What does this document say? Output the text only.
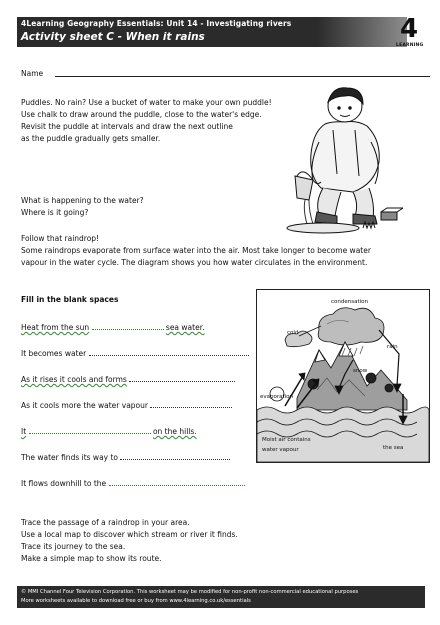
4Learning Geography Essentials: Unit 14 - Investigating rivers
Activity sheet C - When it rains	4
LEARNING
Name
Puddles. No rain? Use a bucket of water to make your own puddle!
Use chalk to draw around the puddle, close to the water's edge.
Revisit the puddle at intervals and draw the next outline
as the puddle gradually gets smaller.
What is happening to the water?
Where is it going?
Follow that raindrop!
Some raindrops evaporate from surface water into the air. Most take longer to become water
vapour in the water cycle. The diagram shows you how water circulates in the environment.
Fill in the blank spaces
Heat from the sun	sea water.
It becomes water
As it rises it cools and forms
As it cools more the water vapour
It	on the hills.
The water finds its way to
It flows downhill to the
condensation
cold
rain
snow
evaporation
Moist air contains
water vapour	the sea
Trace the passage of a raindrop in your area.
Use a local map to discover which stream or river it finds.
Trace its journey to the sea.
Make a simple map to show its route.
© MMI Channel Four Television Corporation. This worksheet may be modified for non-profit non-commercial educational purposes
More worksheets available to download free or buy from www.4learning.co.uk/essentials
